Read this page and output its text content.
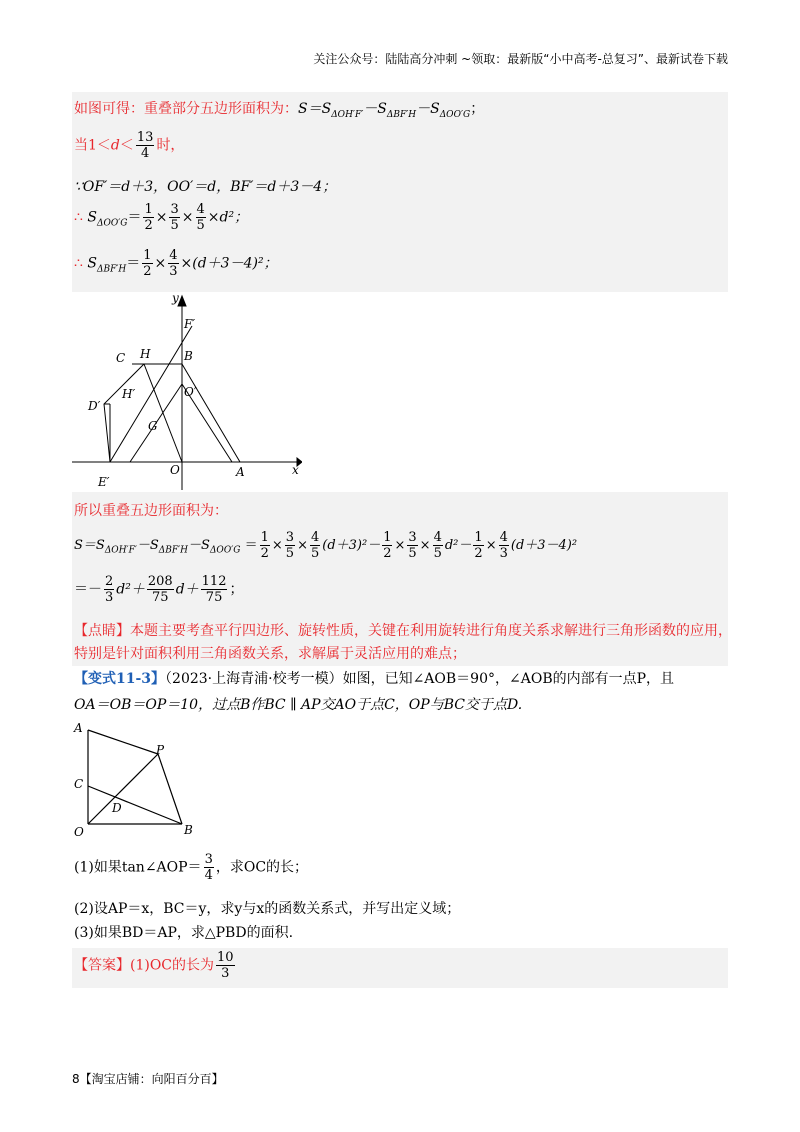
关注公众号：陆陆高分冲刺 ~领取：最新版“小中高考-总复习”、最新试卷下载
如图可得：重叠部分五边形面积为：$S=S_{\Delta OH'F'}-S_{\Delta BF'H}-S_{\Delta OO'G}$；
当$1<d< \frac{13}{4}$ 时，
∵OF′＝d＋3，OO′＝d，BF′＝d＋3－4；
∴ $S_{\Delta OO'G}= \frac{1}{2} \times \frac{3}{5} \times \frac{4}{5} \times d^2$；
∴ $S_{\Delta BF'H}= \frac{1}{2} \times \frac{4}{3} \times(d+3-4)^2$；
y
x
F′
C H	B
H′	O′
D′
G
O	A
E′
所以重叠五边形面积为：
$S=S_{\Delta OH'F'}-S_{\Delta BF'H}-S_{\Delta OO'G} = \frac{1}{2} \times \frac{3}{5} \times \frac{4}{5} (d+3)^2- \frac{1}{2} \times \frac{3}{5} \times \frac{4}{5} d^2- \frac{1}{2} \times \frac{4}{3} (d+3-4)^2$
＝－ $\frac{2}{3} d^2+ \frac{208}{75} d+ \frac{112}{75}$ ；
【点睛】本题主要考查平行四边形、旋转性质，关键在利用旋转进行角度关系求解进行三角形函数的应用，
特别是针对面积利用三角函数关系，求解属于灵活应用的难点；
【变式11-3】（2023·上海青浦·校考一模）如图，已知∠AOB＝90°，∠AOB的内部有一点P，且
OA＝OB＝OP＝10，过点B作BC ∥ AP交AO于点C，OP与BC交于点D.
A
P
C
D
O	B
(1)如果tan∠AOP＝ $\frac{3}{4}$ ，求OC的长；
(2)设AP＝x，BC＝y，求y与x的函数关系式，并写出定义域；
(3)如果BD＝AP，求△PBD的面积.
【答案】(1)OC的长为 $\frac{10}{3}$
8【淘宝店铺：向阳百分百】
